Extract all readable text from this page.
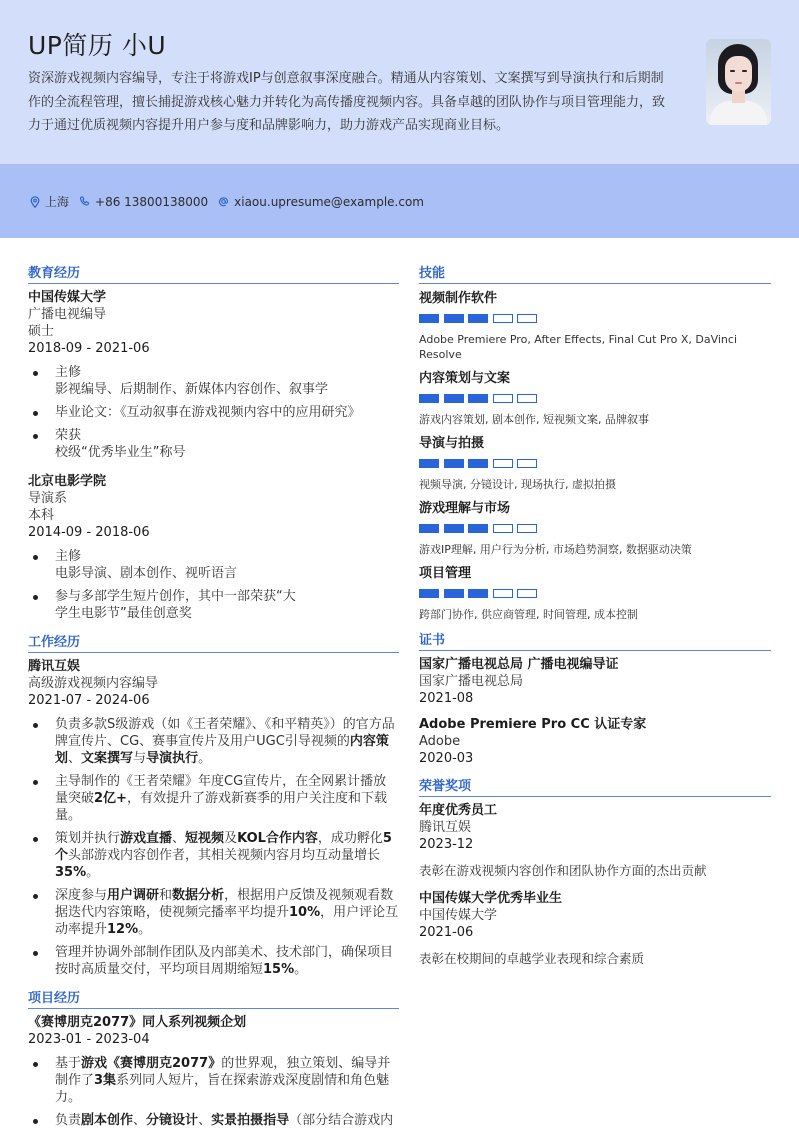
UP简历 小U
资深游戏视频内容编导，专注于将游戏IP与创意叙事深度融合。精通从内容策划、文案撰写到导演执行和后期制作的全流程管理，擅长捕捉游戏核心魅力并转化为高传播度视频内容。具备卓越的团队协作与项目管理能力，致力于通过优质视频内容提升用户参与度和品牌影响力，助力游戏产品实现商业目标。
上海 +86 13800138000 xiaou.upresume@example.com
教育经历
中国传媒大学
广播电视编导
硕士
2018-09 - 2021-06
主修
影视编导、后期制作、新媒体内容创作、叙事学
毕业论文：《互动叙事在游戏视频内容中的应用研究》
荣获
校级“优秀毕业生”称号
北京电影学院
导演系
本科
2014-09 - 2018-06
主修
电影导演、剧本创作、视听语言
参与多部学生短片创作，其中一部荣获“大学生电影节”最佳创意奖
工作经历
腾讯互娱
高级游戏视频内容编导
2021-07 - 2024-06
负责多款S级游戏（如《王者荣耀》、《和平精英》）的官方品牌宣传片、CG、赛事宣传片及用户UGC引导视频的内容策划、文案撰写与导演执行。
主导制作的《王者荣耀》年度CG宣传片，在全网累计播放量突破2亿+，有效提升了游戏新赛季的用户关注度和下载量。
策划并执行游戏直播、短视频及KOL合作内容，成功孵化5个头部游戏内容创作者，其相关视频内容月均互动量增长35%。
深度参与用户调研和数据分析，根据用户反馈及视频观看数据迭代内容策略，使视频完播率平均提升10%，用户评论互动率提升12%。
管理并协调外部制作团队及内部美术、技术部门，确保项目按时高质量交付，平均项目周期缩短15%。
项目经历
《赛博朋克2077》同人系列视频企划
2023-01 - 2023-04
基于游戏《赛博朋克2077》的世界观，独立策划、编导并制作了3集系列同人短片，旨在探索游戏深度剧情和角色魅力。
负责剧本创作、分镜设计、实景拍摄指导（部分结合游戏内
技能
视频制作软件
Adobe Premiere Pro, After Effects, Final Cut Pro X, DaVinci Resolve
内容策划与文案
游戏内容策划, 剧本创作, 短视频文案, 品牌叙事
导演与拍摄
视频导演, 分镜设计, 现场执行, 虚拟拍摄
游戏理解与市场
游戏IP理解, 用户行为分析, 市场趋势洞察, 数据驱动决策
项目管理
跨部门协作, 供应商管理, 时间管理, 成本控制
证书
国家广播电视总局 广播电视编导证
国家广播电视总局
2021-08
Adobe Premiere Pro CC 认证专家
Adobe
2020-03
荣誉奖项
年度优秀员工
腾讯互娱
2023-12
表彰在游戏视频内容创作和团队协作方面的杰出贡献
中国传媒大学优秀毕业生
中国传媒大学
2021-06
表彰在校期间的卓越学业表现和综合素质
